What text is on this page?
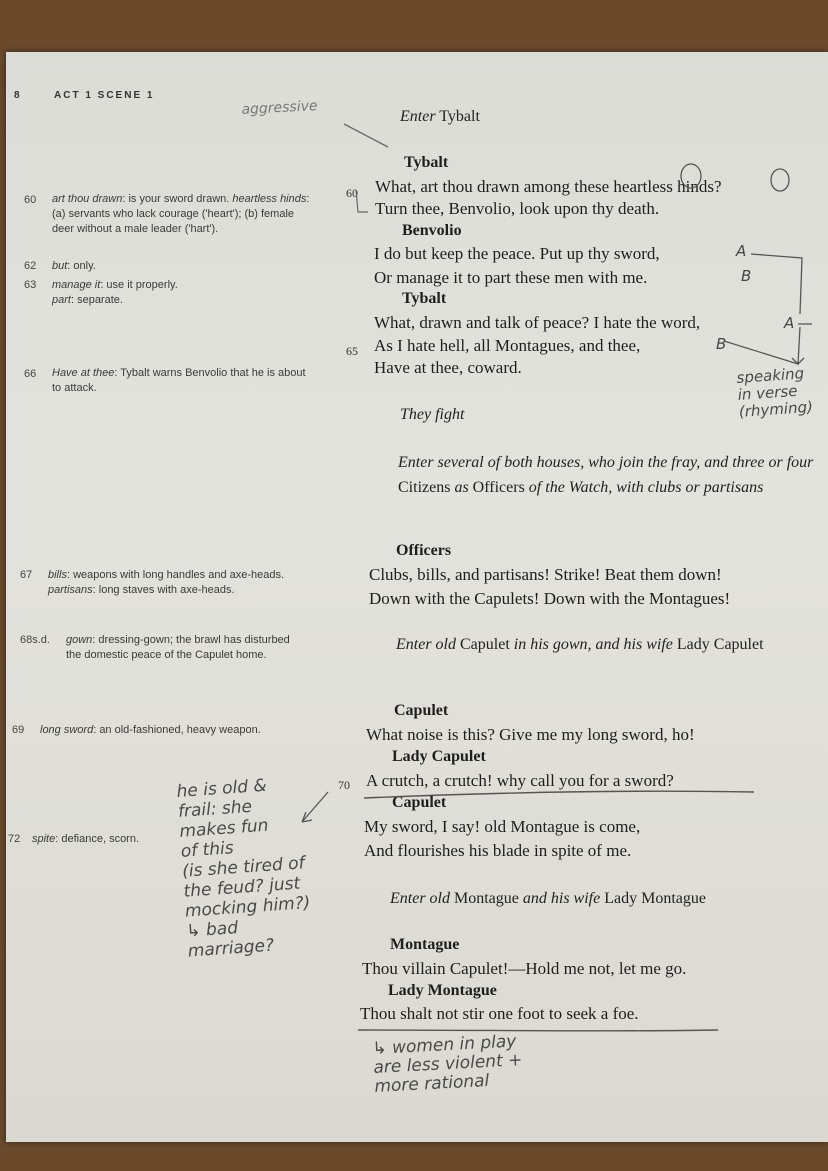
8	ACT 1 SCENE 1
aggressive
60 art thou drawn: is your sword drawn. heartless hinds: (a) servants who lack courage ('heart'); (b) female deer without a male leader ('hart').
62 but: only.
63 manage it: use it properly.
part: separate.
66 Have at thee: Tybalt warns Benvolio that he is about to attack.
67 bills: weapons with long handles and axe-heads.
partisans: long staves with axe-heads.
68s.d. gown: dressing-gown; the brawl has disturbed the domestic peace of the Capulet home.
69 long sword: an old-fashioned, heavy weapon.
72 spite: defiance, scorn.
he is old &
frail: she
makes fun
of this
(is she tired of
the feud? just
mocking him?)
↳ bad
marriage?
speaking
in verse
(rhyming)
↳ women in play
are less violent +
more rational
Enter Tybalt
Tybalt
60 What, art thou drawn among these heartless hinds?
Turn thee, Benvolio, look upon thy death.
Benvolio
I do but keep the peace. Put up thy sword,
Or manage it to part these men with me.
Tybalt
What, drawn and talk of peace? I hate the word,
65 As I hate hell, all Montagues, and thee,
Have at thee, coward.
They fight
Enter several of both houses, who join the fray, and three or four Citizens as Officers of the Watch, with clubs or partisans
Officers
Clubs, bills, and partisans! Strike! Beat them down!
Down with the Capulets! Down with the Montagues!
Enter old Capulet in his gown, and his wife Lady Capulet
Capulet
What noise is this? Give me my long sword, ho!
Lady Capulet
70 A crutch, a crutch! why call you for a sword?
Capulet
My sword, I say! old Montague is come,
And flourishes his blade in spite of me.
Enter old Montague and his wife Lady Montague
Montague
Thou villain Capulet!—Hold me not, let me go.
Lady Montague
Thou shalt not stir one foot to seek a foe.
A
B
A
B
